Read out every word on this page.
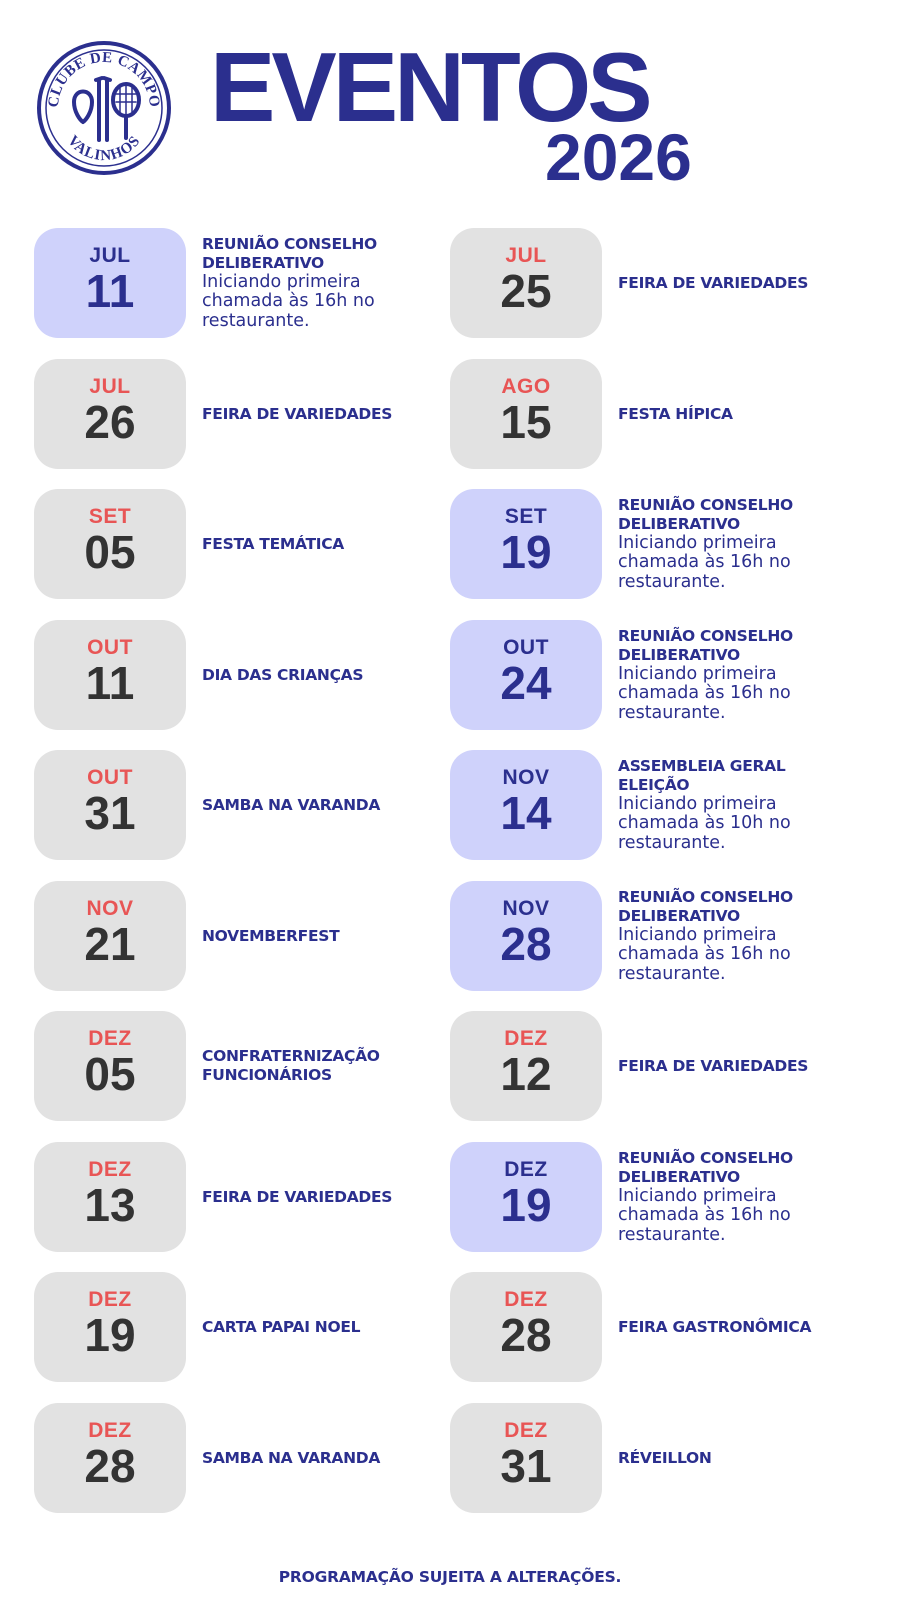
CLUBE DE CAMPO
VALINHOS EVENTOS
2026
JUL
11
REUNIÃO CONSELHO DELIBERATIVO
Iniciando primeira chamada às 16h no restaurante.
JUL
25	FEIRA DE VARIEDADES
JUL
26	FEIRA DE VARIEDADES
AGO
15	FESTA HÍPICA
SET
05	FESTA TEMÁTICA
SET
19
REUNIÃO CONSELHO DELIBERATIVO
Iniciando primeira chamada às 16h no restaurante.
OUT
11	DIA DAS CRIANÇAS
OUT
24
REUNIÃO CONSELHO DELIBERATIVO
Iniciando primeira chamada às 16h no restaurante.
OUT
31	SAMBA NA VARANDA
NOV
14
ASSEMBLEIA GERAL ELEIÇÃO
Iniciando primeira chamada às 10h no restaurante.
NOV
21	NOVEMBERFEST
NOV
28
REUNIÃO CONSELHO DELIBERATIVO
Iniciando primeira chamada às 16h no restaurante.
DEZ
05	CONFRATERNIZAÇÃO FUNCIONÁRIOS
DEZ
12	FEIRA DE VARIEDADES
DEZ
13	FEIRA DE VARIEDADES
DEZ
19
REUNIÃO CONSELHO DELIBERATIVO
Iniciando primeira chamada às 16h no restaurante.
DEZ
19	CARTA PAPAI NOEL
DEZ
28	FEIRA GASTRONÔMICA
DEZ
28	SAMBA NA VARANDA
DEZ
31	RÉVEILLON
PROGRAMAÇÃO SUJEITA A ALTERAÇÕES.
